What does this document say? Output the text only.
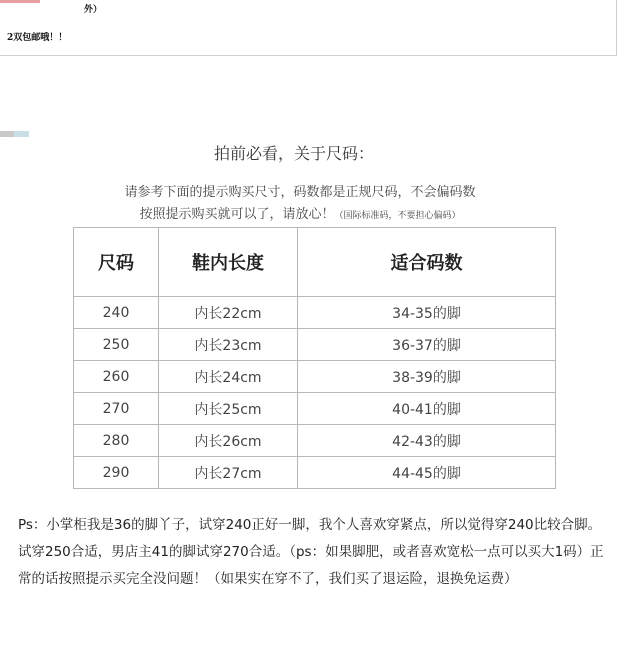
外）
2双包邮哦！！
拍前必看，关于尺码：
请参考下面的提示购买尺寸，码数都是正规尺码，不会偏码数
按照提示购买就可以了，请放心！（国际标准码，不要担心偏码）
尺码	鞋内长度	适合码数
240	内长22cm	34-35的脚
250	内长23cm	36-37的脚
260	内长24cm	38-39的脚
270	内长25cm	40-41的脚
280	内长26cm	42-43的脚
290	内长27cm	44-45的脚
Ps：小掌柜我是36的脚丫子，试穿240正好一脚，我个人喜欢穿紧点，所以觉得穿240比较合脚。试穿250合适，男店主41的脚试穿270合适。（ps：如果脚肥，或者喜欢宽松一点可以买大1码）正常的话按照提示买完全没问题！（如果实在穿不了，我们买了退运险，退换免运费）
